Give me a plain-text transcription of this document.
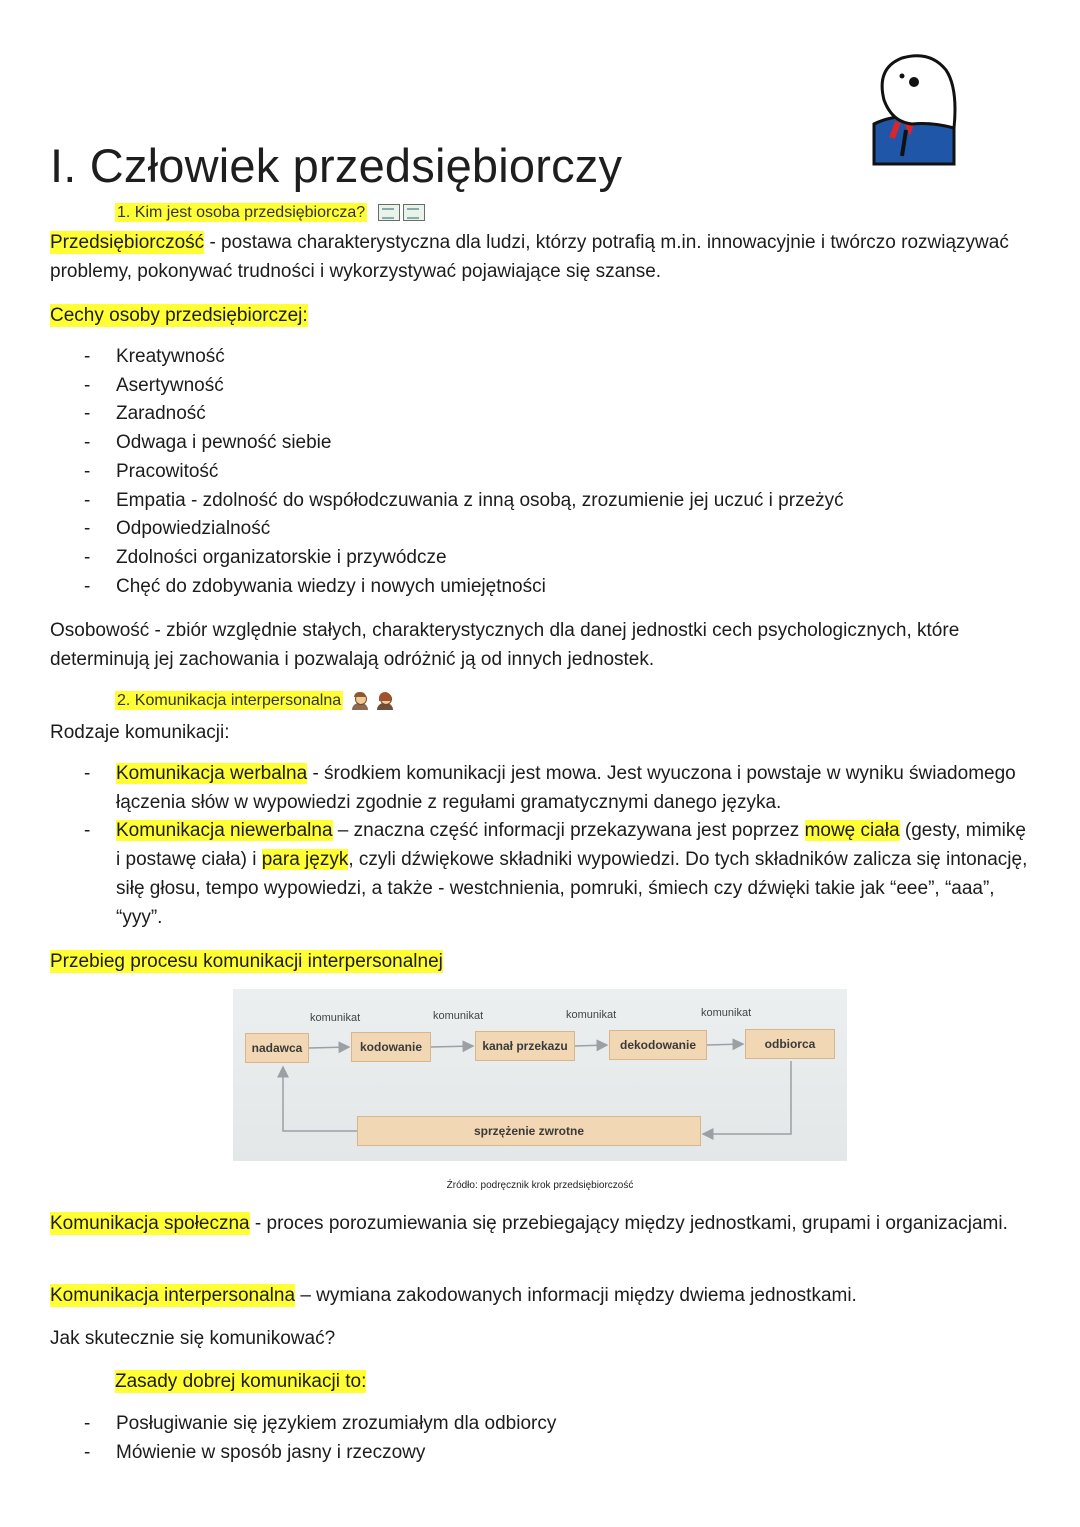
I. Człowiek przedsiębiorczy
1. Kim jest osoba przedsiębiorcza?

Przedsiębiorczość - postawa charakterystyczna dla ludzi, którzy potrafią m.in. innowacyjnie i twórczo rozwiązywać problemy, pokonywać trudności i wykorzystywać pojawiające się szanse.

Cechy osoby przedsiębiorczej:

- Kreatywność
- Asertywność
- Zaradność
- Odwaga i pewność siebie
- Pracowitość
- Empatia - zdolność do współodczuwania z inną osobą, zrozumienie jej uczuć i przeżyć
- Odpowiedzialność
- Zdolności organizatorskie i przywódcze
- Chęć do zdobywania wiedzy i nowych umiejętności

Osobowość - zbiór względnie stałych, charakterystycznych dla danej jednostki cech psychologicznych, które determinują jej zachowania i pozwalają odróżnić ją od innych jednostek.

2. Komunikacja interpersonalna

Rodzaje komunikacji:

- Komunikacja werbalna - środkiem komunikacji jest mowa. Jest wyuczona i powstaje w wyniku świadomego łączenia słów w wypowiedzi zgodnie z regułami gramatycznymi danego języka.
- Komunikacja niewerbalna – znaczna część informacji przekazywana jest poprzez mowę ciała (gesty, mimikę i postawę ciała) i para język, czyli dźwiękowe składniki wypowiedzi. Do tych składników zalicza się intonację, siłę głosu, tempo wypowiedzi, a także - westchnienia, pomruki, śmiech czy dźwięki takie jak “eee”, “aaa”, “yyy”.

Przebieg procesu komunikacji interpersonalnej

komunikat	komunikat	komunikat	komunikat
nadawca	kodowanie	kanał przekazu	dekodowanie	odbiorca
sprzężenie zwrotne
Źródło: podręcznik krok przedsiębiorczość

Komunikacja społeczna - proces porozumiewania się przebiegający między jednostkami, grupami i organizacjami.

Komunikacja interpersonalna – wymiana zakodowanych informacji między dwiema jednostkami.

Jak skutecznie się komunikować?

Zasady dobrej komunikacji to:

- Posługiwanie się językiem zrozumiałym dla odbiorcy
- Mówienie w sposób jasny i rzeczowy
